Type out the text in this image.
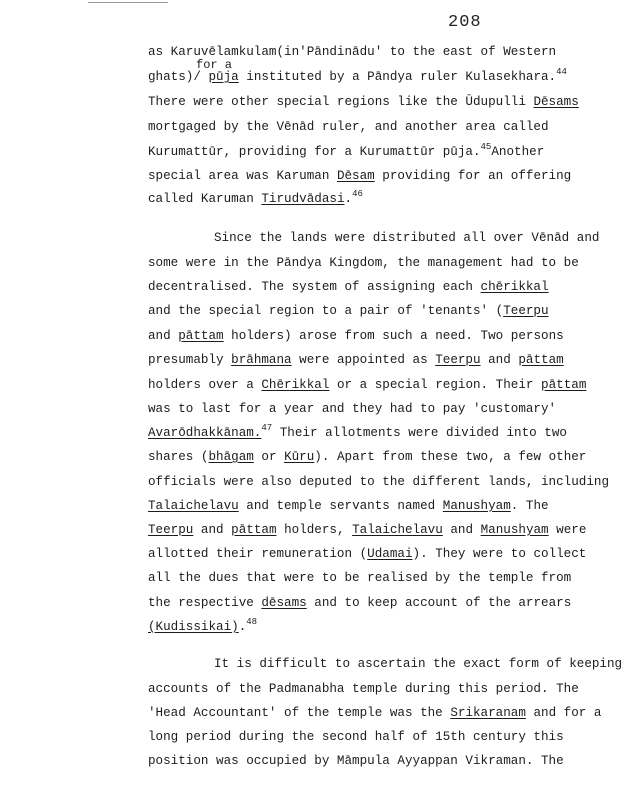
208
for a
as Karuvēlamkulam(in'Pāndinādu' to the east of Western
ghats)/ pūja instituted by a Pāndya ruler Kulasekhara.$^{44}$
There were other special regions like the Ūdupulli Dēsams
mortgaged by the Vēnād ruler, and another area called
Kurumattūr, providing for a Kurumattūr pūja.$^{45}$Another
special area was Karuman Dēsam providing for an offering
called Karuman Tirudvādasi.$^{46}$
Since the lands were distributed all over Vēnād and
some were in the Pāndya Kingdom, the management had to be
decentralised. The system of assigning each chērikkal
and the special region to a pair of 'tenants' (Teerpu
and pāttam holders) arose from such a need. Two persons
presumably brāhmana were appointed as Teerpu and pāttam
holders over a Chērikkal or a special region. Their pāttam
was to last for a year and they had to pay 'customary'
Avarōdhakkānam.$^{47}$ Their allotments were divided into two
shares (bhāgam or Kūru). Apart from these two, a few other
officials were also deputed to the different lands, including
Talaichelavu and temple servants named Manushyam. The
Teerpu and pāttam holders, Talaichelavu and Manushyam were
allotted their remuneration (Udamai). They were to collect
all the dues that were to be realised by the temple from
the respective dēsams and to keep account of the arrears
(Kudissikai).$^{48}$
It is difficult to ascertain the exact form of keeping
accounts of the Padmanabha temple during this period. The
'Head Accountant' of the temple was the Srikaranam and for a
long period during the second half of 15th century this
position was occupied by Māmpula Ayyappan Vikraman. The
